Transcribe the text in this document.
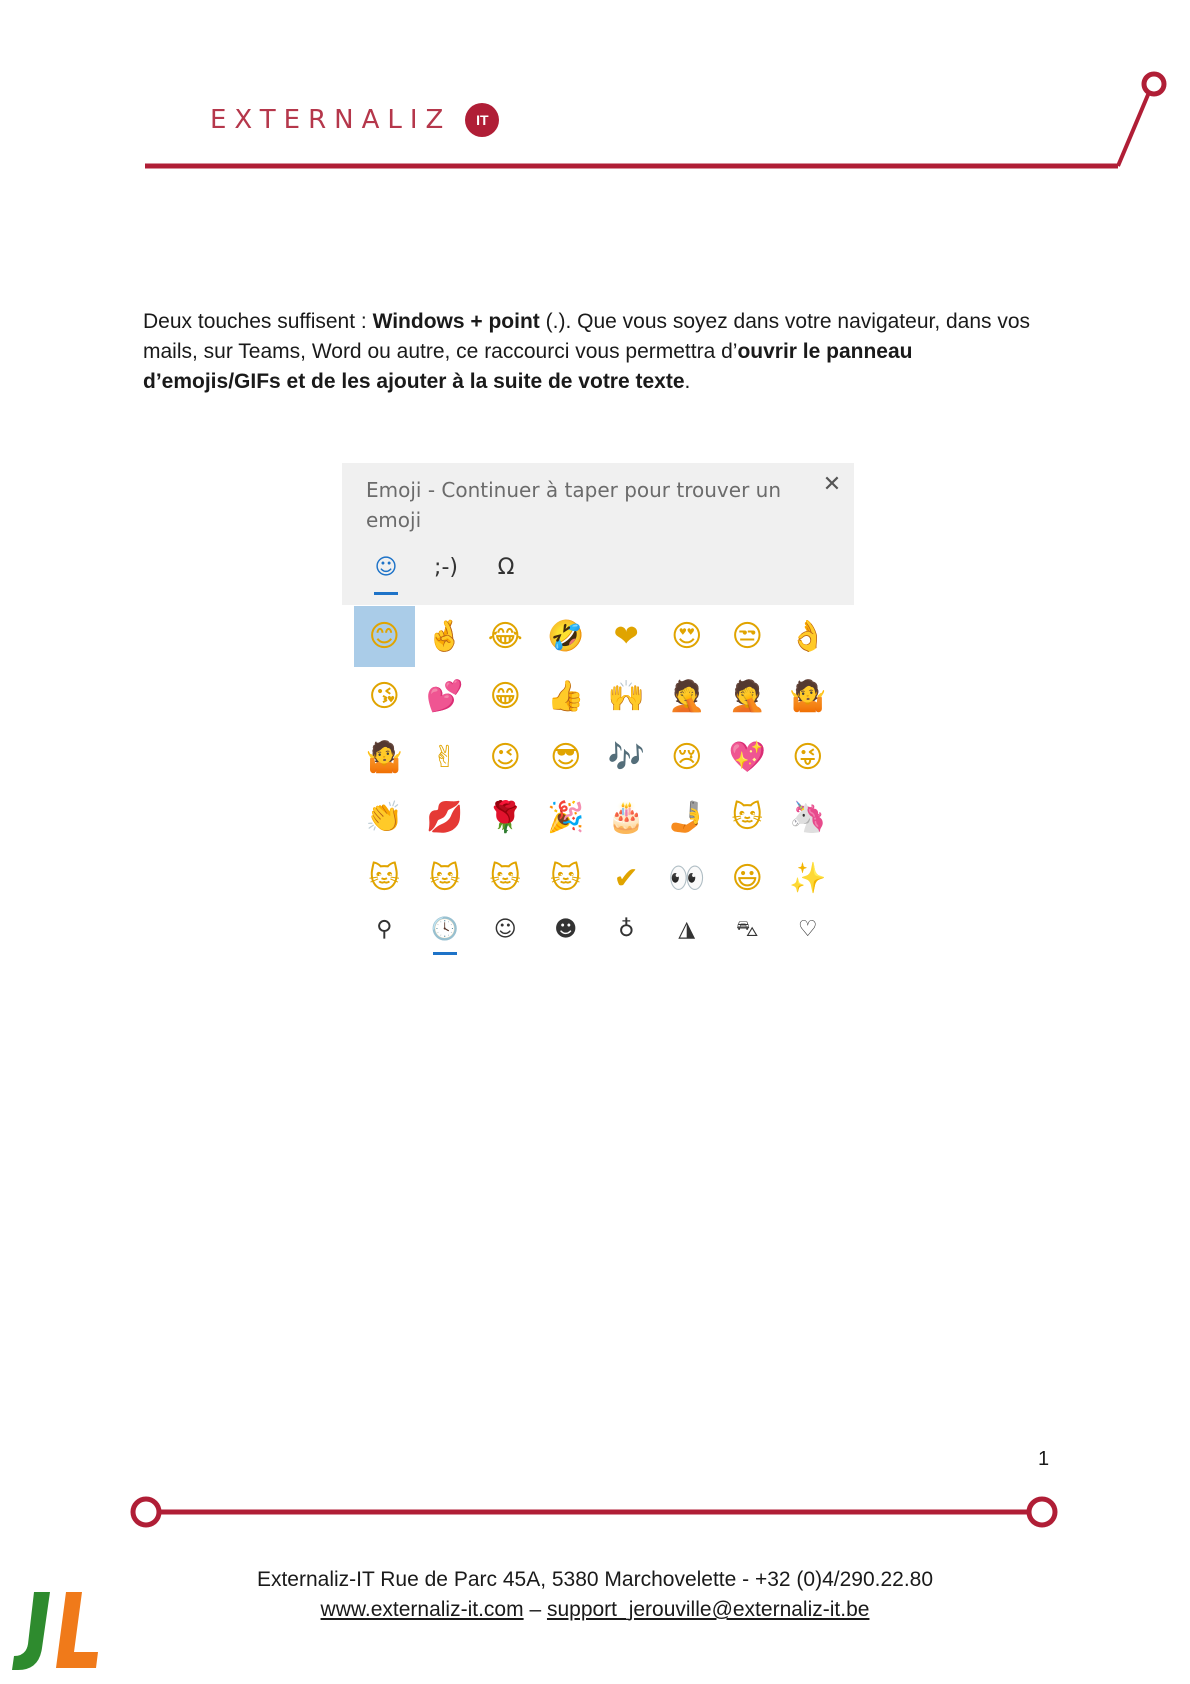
EXTERNALIZ	IT

Deux touches suffisent : Windows + point (.). Que vous soyez dans votre navigateur, dans vos mails, sur Teams, Word ou autre, ce raccourci vous permettra d’ouvrir le panneau d’emojis/GIFs et de les ajouter à la suite de votre texte.

Emoji - Continuer à taper pour trouver un emoji
✕
☺	;-)	Ω
😊 🤞 😂 🤣 ❤	😍 😒 👌
😘 💕 😁 👍 🙌 🤦 🤦 🤷
🤷 ✌	😉 😎 🎶 😢 💖 😜
👏 💋 🌹 🎉 🎂 🤳 🐱 🦄
🐱 🐱 🐱 🐱	✔ 👀 😃 ✨
⚲	🕓	☺	☻	♁	◮	⛍	♡
1
Externaliz-IT Rue de Parc 45A, 5380 Marchovelette - +32 (0)4/290.22.80
www.externaliz-it.com – support_jerouville@externaliz-it.be
